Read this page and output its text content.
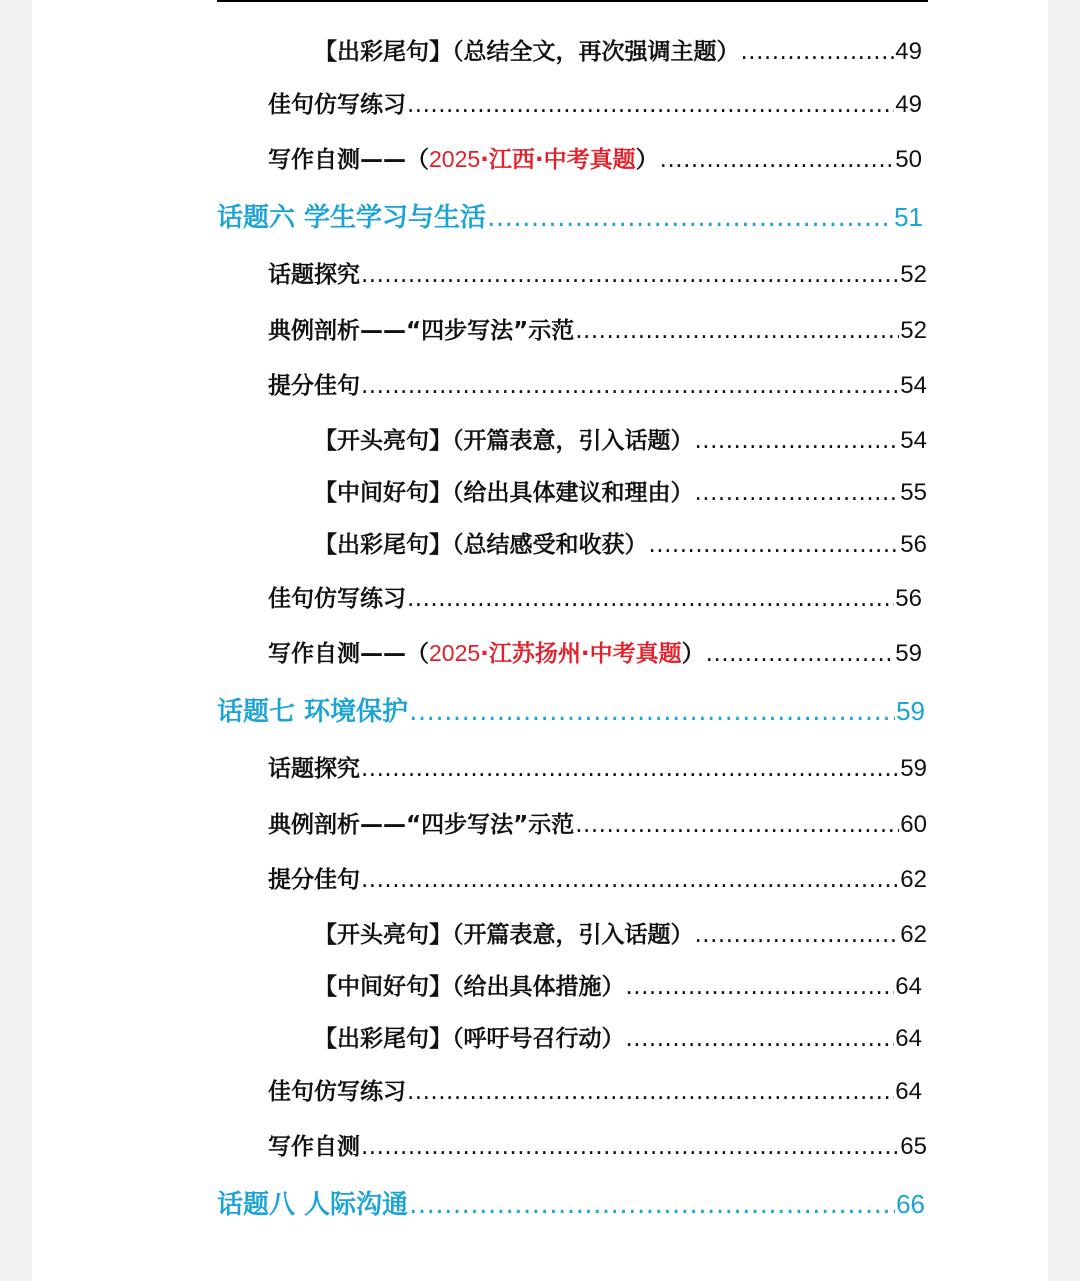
【出彩尾句】（总结全文，再次强调主题） .....	49
佳句仿写练习 .....	49
写作自测——（2025·江西·中考真题） .....	50
话题六 学生学习与生活 .....	51
话题探究 .....	52
典例剖析——“四步写法”示范 .....	52
提分佳句 .....	54
【开头亮句】（开篇表意，引入话题） .....	54
【中间好句】（给出具体建议和理由） .....	55
【出彩尾句】（总结感受和收获） .....	56
佳句仿写练习 .....	56
写作自测——（2025·江苏扬州·中考真题） .....	59
话题七 环境保护 .....	59
话题探究 .....	59
典例剖析——“四步写法”示范 .....	60
提分佳句 .....	62
【开头亮句】（开篇表意，引入话题） .....	62
【中间好句】（给出具体措施） .....	64
【出彩尾句】（呼吁号召行动） .....	64
佳句仿写练习 .....	64
写作自测 .....	65
话题八 人际沟通 .....	66
